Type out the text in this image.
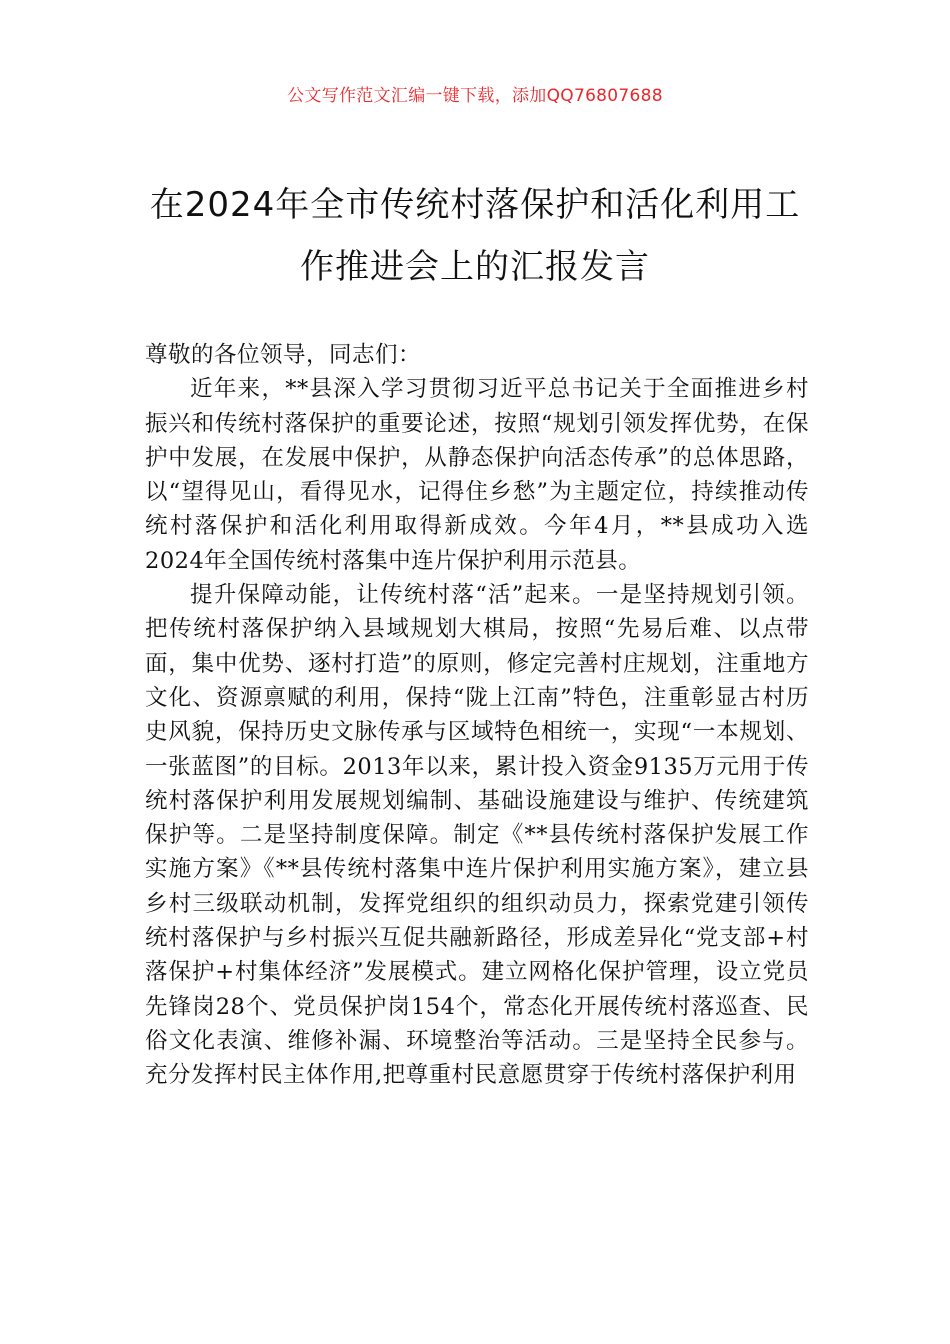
公文写作范文汇编一键下载，添加QQ76807688
在2024年全市传统村落保护和活化利用工作推进会上的汇报发言

尊敬的各位领导，同志们：

近年来，**县深入学习贯彻习近平总书记关于全面推进乡村振兴和传统村落保护的重要论述，按照“规划引领发挥优势，在保护中发展，在发展中保护，从静态保护向活态传承”的总体思路，以“望得见山，看得见水，记得住乡愁”为主题定位，持续推动传统村落保护和活化利用取得新成效。今年4月，**县成功入选2024年全国传统村落集中连片保护利用示范县。

提升保障动能，让传统村落“活”起来。一是坚持规划引领。把传统村落保护纳入县域规划大棋局，按照“先易后难、以点带面，集中优势、逐村打造”的原则，修定完善村庄规划，注重地方文化、资源禀赋的利用，保持“陇上江南”特色，注重彰显古村历史风貌，保持历史文脉传承与区域特色相统一，实现“一本规划、一张蓝图”的目标。2013年以来，累计投入资金9135万元用于传统村落保护利用发展规划编制、基础设施建设与维护、传统建筑保护等。二是坚持制度保障。制定《**县传统村落保护发展工作实施方案》《**县传统村落集中连片保护利用实施方案》，建立县乡村三级联动机制，发挥党组织的组织动员力，探索党建引领传统村落保护与乡村振兴互促共融新路径，形成差异化“党支部+村落保护+村集体经济”发展模式。建立网格化保护管理，设立党员先锋岗28个、党员保护岗154个，常态化开展传统村落巡查、民俗文化表演、维修补漏、环境整治等活动。三是坚持全民参与。充分发挥村民主体作用,把尊重村民意愿贯穿于传统村落保护利用
